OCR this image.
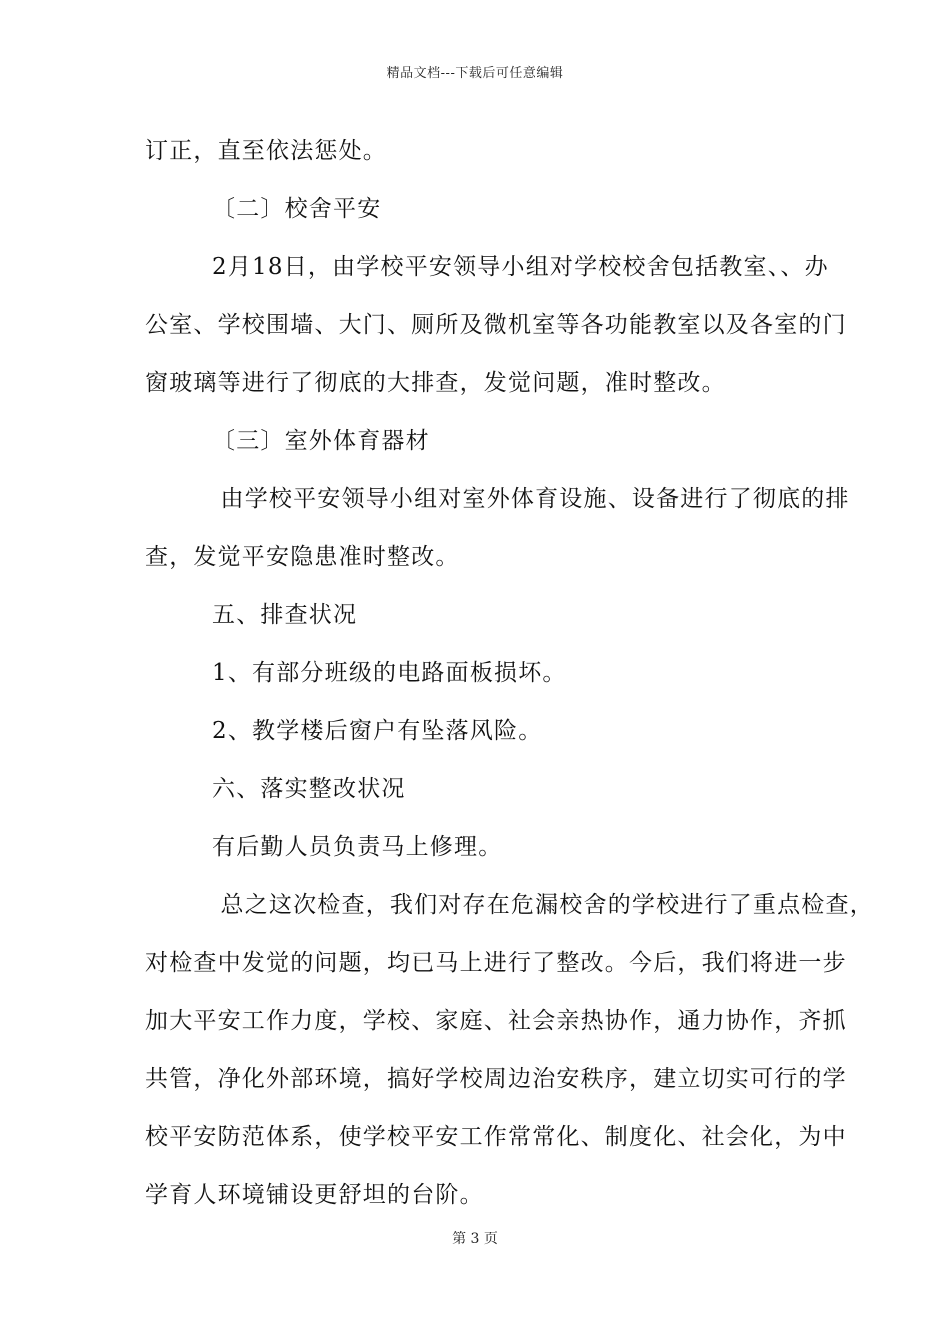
精品文档---下载后可任意编辑
订正，直至依法惩处。
〔二〕校舍平安
2月18日，由学校平安领导小组对学校校舍包括教室、、办
公室、学校围墙、大门、厕所及微机室等各功能教室以及各室的门
窗玻璃等进行了彻底的大排查，发觉问题，准时整改。
〔三〕室外体育器材
由学校平安领导小组对室外体育设施、设备进行了彻底的排
查，发觉平安隐患准时整改。
五、排查状况
1、有部分班级的电路面板损坏。
2、教学楼后窗户有坠落风险。
六、落实整改状况
有后勤人员负责马上修理。
总之这次检查，我们对存在危漏校舍的学校进行了重点检查，
对检查中发觉的问题，均已马上进行了整改。今后，我们将进一步
加大平安工作力度，学校、家庭、社会亲热协作，通力协作，齐抓
共管，净化外部环境，搞好学校周边治安秩序，建立切实可行的学
校平安防范体系，使学校平安工作常常化、制度化、社会化，为中
学育人环境铺设更舒坦的台阶。
第 3 页
